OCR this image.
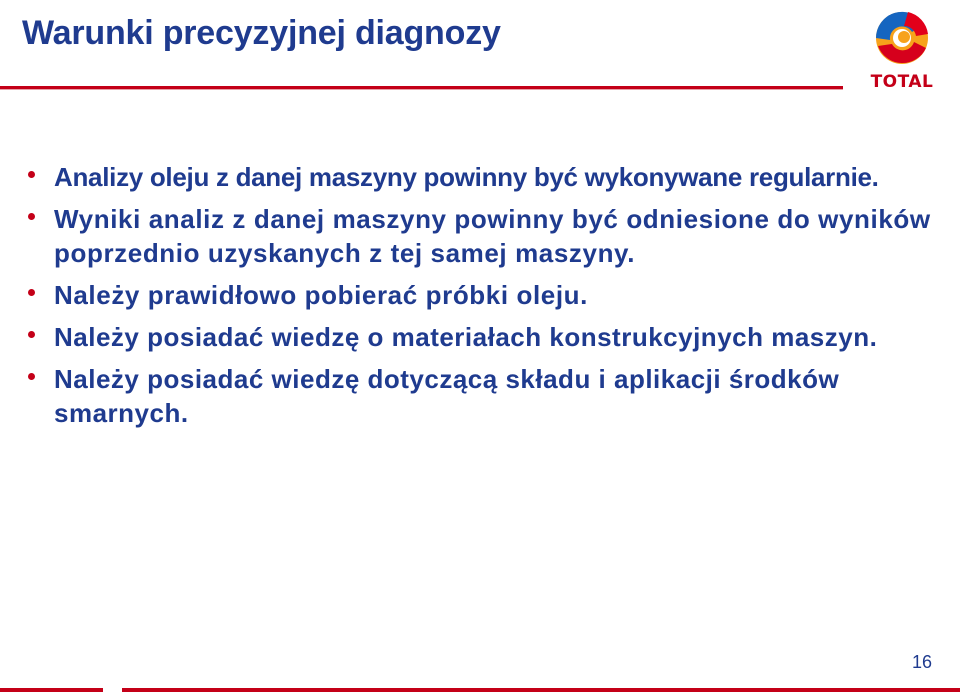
Warunki precyzyjnej diagnozy
TOTAL
Analizy oleju z danej maszyny powinny być wykonywane regularnie.
Wyniki analiz z danej maszyny powinny być odniesione do wyników poprzednio uzyskanych z tej samej maszyny.
Należy prawidłowo pobierać próbki oleju.
Należy posiadać wiedzę o materiałach konstrukcyjnych maszyn.
Należy posiadać wiedzę dotyczącą składu i aplikacji środków smarnych.
16
